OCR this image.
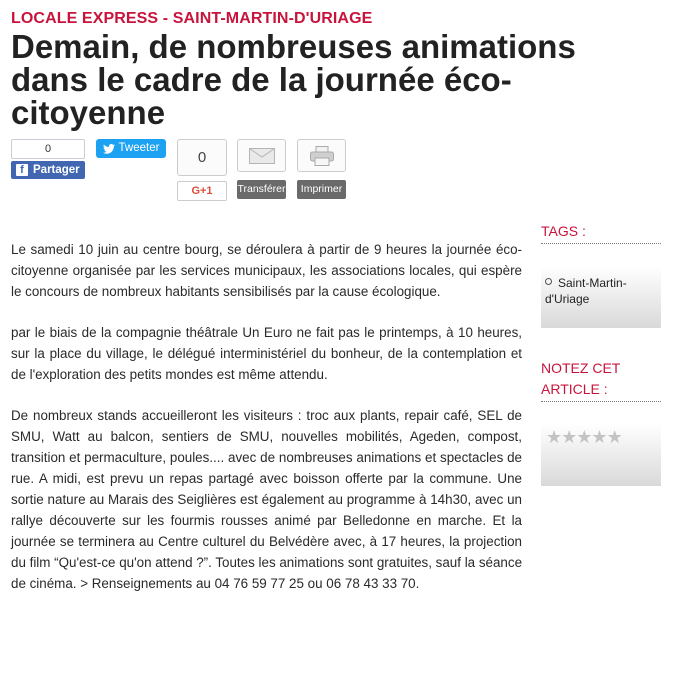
LOCALE EXPRESS - SAINT-MARTIN-D'URIAGE
Demain, de nombreuses animations dans le cadre de la journée éco-citoyenne
0
f Partager
Tweeter
0
G+1	Transférer	Imprimer

Le samedi 10 juin au centre bourg, se déroulera à partir de 9 heures la journée éco-citoyenne organisée par les services municipaux, les associations locales, qui espère le concours de nombreux habitants sensibilisés par la cause écologique.

par le biais de la compagnie théâtrale Un Euro ne fait pas le printemps, à 10 heures, sur la place du village, le délégué interministériel du bonheur, de la contemplation et de l'exploration des petits mondes est même attendu.

De nombreux stands accueilleront les visiteurs : troc aux plants, repair café, SEL de SMU, Watt au balcon, sentiers de SMU, nouvelles mobilités, Ageden, compost, transition et permaculture, poules.... avec de nombreuses animations et spectacles de rue. A midi, est prevu un repas partagé avec boisson offerte par la commune. Une sortie nature au Marais des Seiglières est également au programme à 14h30, avec un rallye découverte sur les fourmis rousses animé par Belledonne en marche. Et la journée se terminera au Centre culturel du Belvédère avec, à 17 heures, la projection du film “Qu'est-ce qu'on attend ?”. Toutes les animations sont gratuites, sauf la séance de cinéma. > Renseignements au 04 76 59 77 25 ou 06 78 43 33 70.

TAGS :
Saint-Martin-d'Uriage
NOTEZ CET ARTICLE :
★★★★★
